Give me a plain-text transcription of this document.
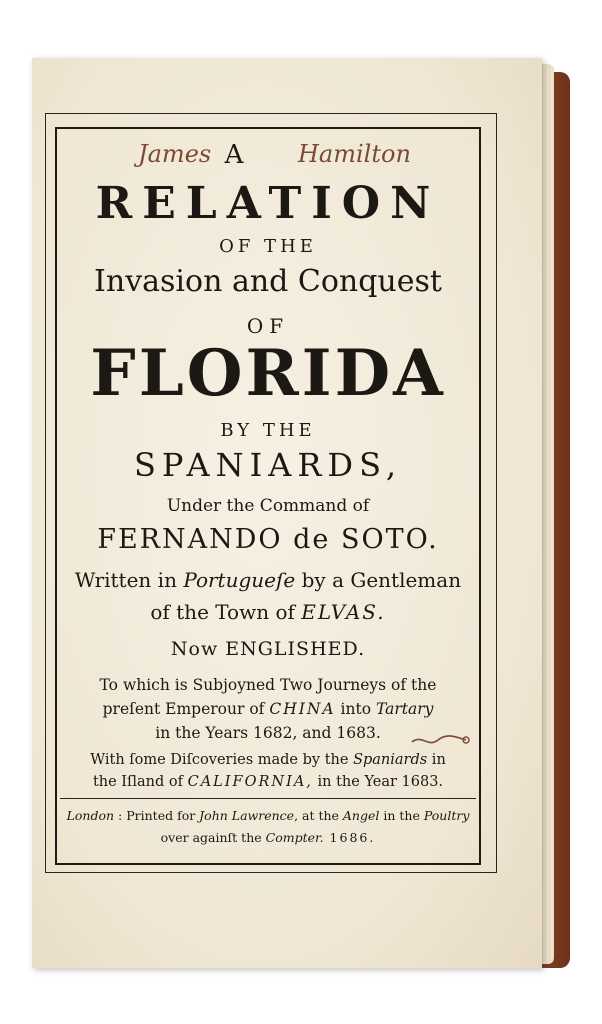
James	Hamilton
A
RELATION
OF THE
Invasion and Conquest
OF
FLORIDA
BY THE
SPANIARDS,
Under the Command of
FERNANDO de SOTO.
Written in Portugueſe by a Gentleman
of the Town of ELVAS.
Now ENGLISHED.
To which is Subjoyned Two Journeys of the
preſent Emperour of CHINA into Tartary
in the Years 1682, and 1683.
With ſome Diſcoveries made by the Spaniards in
the Iſland of CALIFORNIA, in the Year 1683.
London : Printed for John Lawrence, at the Angel in the Poultry
over againſt the Compter. 1686.
